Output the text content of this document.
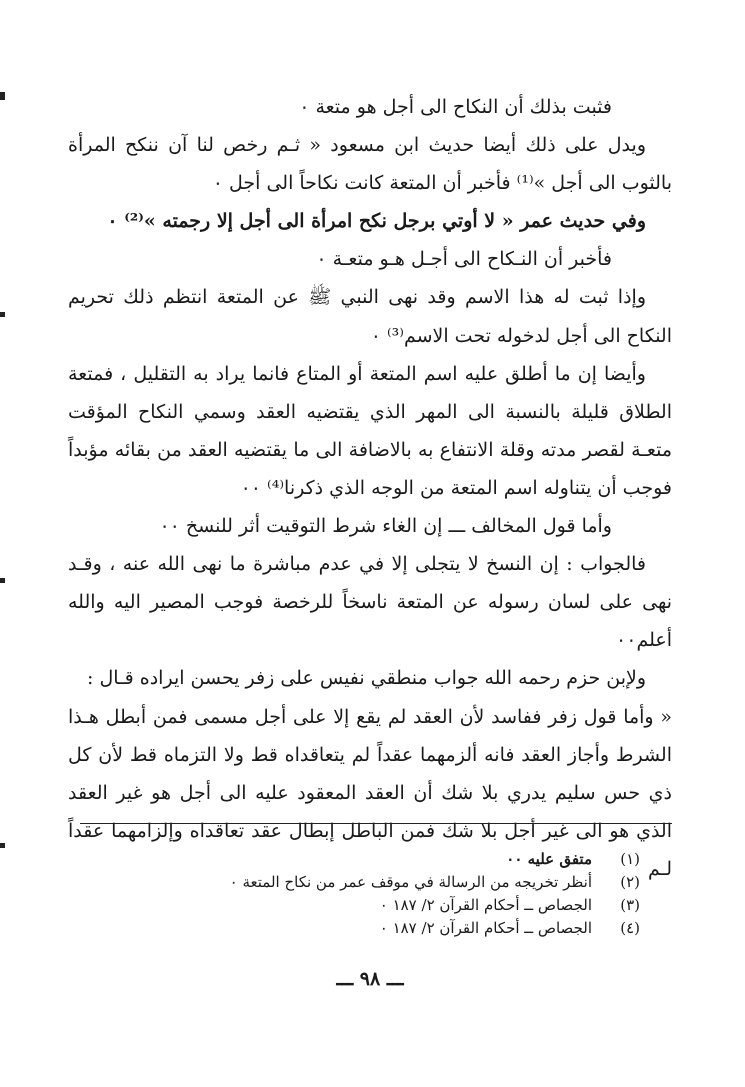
فثبت بذلك أن النكاح الى أجل هو متعة ٠

ويدل على ذلك أيضا حديث ابن مسعود « ثـم رخص لنا آن ننكح المرأة بالثوب الى أجل »⁽¹⁾ فأخبر أن المتعة كانت نكاحاً الى أجل ٠

وفي حديث عمر « لا أوتي برجل نكح امرأة الى أجل إلا رجمته »⁽²⁾ ٠

فأخبر أن النـكاح الى أجـل هـو متعـة ٠

وإذا ثبت له هذا الاسم وقد نهى النبي ﷺ عن المتعة انتظم ذلك تحريم النكاح الى أجل لدخوله تحت الاسم⁽³⁾ ٠

وأيضا إن ما أطلق عليه اسم المتعة أو المتاع فانما يراد به التقليل ، فمتعة الطلاق قليلة بالنسبة الى المهر الذي يقتضيه العقد وسمي النكاح المؤقت متعـة لقصر مدته وقلة الانتفاع به بالاضافة الى ما يقتضيه العقد من بقائه مؤبداً فوجب أن يتناوله اسم المتعة من الوجه الذي ذكرنا⁽⁴⁾ ٠٠

وأما قول المخالف ـــ إن الغاء شرط التوقيت أثر للنسخ ٠٠

فالجواب : إن النسخ لا يتجلى إلا في عدم مباشرة ما نهى الله عنه ، وقـد نهى على لسان رسوله عن المتعة ناسخاً للرخصة فوجب المصير اليه والله أعلم٠٠

ولإبن حزم رحمه الله جواب منطقي نفيس على زفر يحسن ايراده قـال :

« وأما قول زفر ففاسد لأن العقد لم يقع إلا على أجل مسمى فمن أبطل هـذا الشرط وأجاز العقد فانه ألزمهما عقداً لم يتعاقداه قط ولا التزماه قط لأن كل ذي حس سليم يدري بلا شك أن العقد المعقود عليه الى أجل هو غير العقد الذي هو الى غير أجل بلا شك فمن الباطل إبطال عقد تعاقداه وإلزامهما عقداً لـم

(١)
متفق عليه ٠٠
(٢)
أنظر تخريجه من الرسالة في موقف عمر من نكاح المتعة ٠
(٣)
الجصاص ــ أحكام القرآن ٢/ ١٨٧ ٠
(٤)
الجصاص ــ أحكام القرآن ٢/ ١٨٧ ٠
ـــ ٩٨ ـــ
